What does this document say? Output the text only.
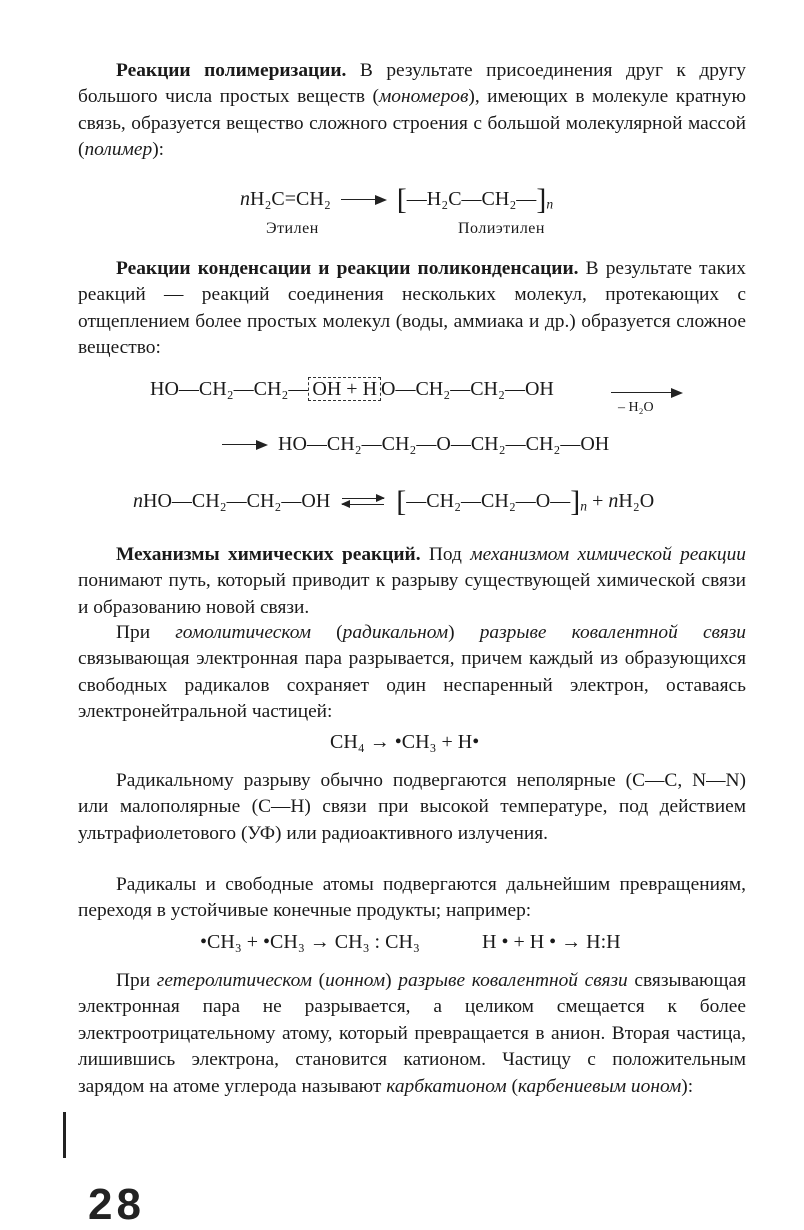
Реакции полимеризации. В результате присоединения друг к другу большого числа простых веществ (мономеров), имеющих в молекуле кратную связь, образуется вещество сложного строения с большой молекулярной массой (полимер):

nH₂C=CH₂ $[—H_2C—CH_2—]_n$
Этилен	Полиэтилен

Реакции конденсации и реакции поликонденсации. В результате таких реакций — реакций соединения нескольких молекул, протекающих с отщеплением более простых молекул (воды, аммиака и др.) образуется сложное вещество:

HO—CH₂—CH₂— OH + H O—CH₂—CH₂—OH
– H₂O
HO—CH₂—CH₂—O—CH₂—CH₂—OH
nHO—CH₂—CH₂—OH $[—CH_2—CH_2—O—]_n + nH_2O$

Механизмы химических реакций. Под механизмом химической реакции понимают путь, который приводит к разрыву существующей химической связи и образованию новой связи.

При гомолитическом (радикальном) разрыве ковалентной связи связывающая электронная пара разрывается, причем каждый из образующихся свободных радикалов сохраняет один неспаренный электрон, оставаясь электронейтральной частицей:

CH₄ → •CH₃ + H•

Радикальному разрыву обычно подвергаются неполярные (С—С, N—N) или малополярные (С—Н) связи при высокой температуре, под действием ультрафиолетового (УФ) или радиоактивного излучения.

Радикалы и свободные атомы подвергаются дальнейшим превращениям, переходя в устойчивые конечные продукты; например:

•CH₃ + •CH₃ → CH₃ : CH₃	H • + H • → H:H

При гетеролитическом (ионном) разрыве ковалентной связи связывающая электронная пара не разрывается, а целиком смещается к более электроотрицательному атому, который превращается в анион. Вторая частица, лишившись электрона, становится катионом. Частицу с положительным зарядом на атоме углерода называют карбкатионом (карбениевым ионом):

28
